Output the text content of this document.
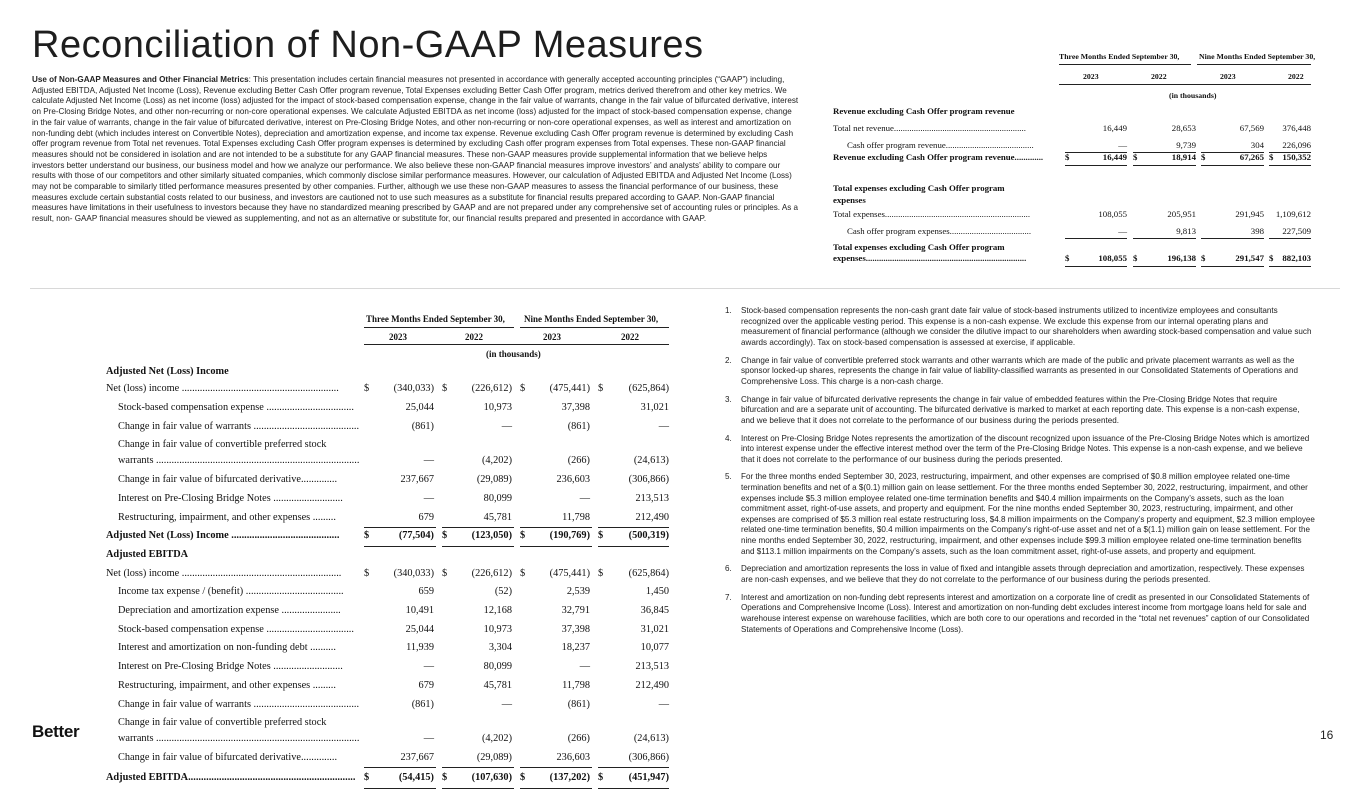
Reconciliation of Non-GAAP Measures
Use of Non-GAAP Measures and Other Financial Metrics: This presentation includes certain financial measures not presented in accordance with generally accepted accounting principles (“GAAP”) including, Adjusted EBITDA, Adjusted Net Income (Loss), Revenue excluding Better Cash Offer program revenue, Total Expenses excluding Better Cash Offer program, metrics derived therefrom and other key metrics. We calculate Adjusted Net Income (Loss) as net income (loss) adjusted for the impact of stock-based compensation expense, change in the fair value of warrants, change in the fair value of bifurcated derivative, interest on Pre-Closing Bridge Notes, and other non-recurring or non-core operational expenses. We calculate Adjusted EBITDA as net income (loss) adjusted for the impact of stock-based compensation expense, change in the fair value of warrants, change in the fair value of bifurcated derivative, interest on Pre-Closing Bridge Notes, and other non-recurring or non-core operational expenses, as well as interest and amortization on non-funding debt (which includes interest on Convertible Notes), depreciation and amortization expense, and income tax expense. Revenue excluding Cash Offer program revenue is determined by excluding Cash offer program revenue from Total net revenues. Total Expenses excluding Cash Offer program expenses is determined by excluding Cash offer program expenses from Total expenses. These non-GAAP financial measures should not be considered in isolation and are not intended to be a substitute for any GAAP financial measures. These non-GAAP measures provide supplemental information that we believe helps investors better understand our business, our business model and how we analyze our performance. We also believe these non-GAAP financial measures improve investors’ and analysts’ ability to compare our results with those of our competitors and other similarly situated companies, which commonly disclose similar performance measures. However, our calculation of Adjusted EBITDA and Adjusted Net Income (Loss) may not be comparable to similarly titled performance measures presented by other companies. Further, although we use these non-GAAP measures to assess the financial performance of our business, these measures exclude certain substantial costs related to our business, and investors are cautioned not to use such measures as a substitute for financial results prepared according to GAAP. Non-GAAP financial measures have limitations in their usefulness to investors because they have no standardized meaning prescribed by GAAP and are not prepared under any comprehensive set of accounting rules or principles. As a result, non- GAAP financial measures should be viewed as supplementing, and not as an alternative or substitute for, our financial results prepared and presented in accordance with GAAP.
Three Months Ended September 30,	Nine Months Ended September 30,
2023	2022	2023	2022
(in thousands)
Revenue excluding Cash Offer program revenue
Total net revenue............................................................	16,449	28,653	67,569 376,448
Cash offer program revenue........................................	—	9,739	304 226,096
Revenue excluding Cash Offer program revenue.............	$	16,449 $	18,914 $	67,265 $ 150,352
Total expenses excluding Cash Offer program
expenses
Total expenses..................................................................	108,055	205,951	291,945 1,109,612
Cash offer program expenses.....................................	—	9,813	398 227,509
Total expenses excluding Cash Offer program
expenses.........................................................................	$	108,055 $	196,138 $	291,547 $ 882,103
Three Months Ended September 30, Nine Months Ended September 30,
2023	2022	2023	2022
(in thousands)
Adjusted Net (Loss) Income
Net (loss) income .............................................................	$ (340,033) $ (226,612) $ (475,441) $ (625,864)
Stock-based compensation expense ..................................	25,044	10,973	37,398	31,021
Change in fair value of warrants .........................................	(861)	—	(861)	—
Change in fair value of convertible preferred stock
warrants ...............................................................................	—	(4,202)	(266)	(24,613)
Change in fair value of bifurcated derivative..............	237,667	(29,089)	236,603	(306,866)
Interest on Pre-Closing Bridge Notes ...........................	—	80,099	—	213,513
Restructuring, impairment, and other expenses .........	679	45,781	11,798	212,490
Adjusted Net (Loss) Income ..........................................	$	(77,504) $ (123,050) $ (190,769) $ (500,319)
Adjusted EBITDA
Net (loss) income ..............................................................	$ (340,033) $ (226,612) $ (475,441) $ (625,864)
Income tax expense / (benefit) ......................................	659	(52)	2,539	1,450
Depreciation and amortization expense .......................	10,491	12,168	32,791	36,845
Stock-based compensation expense ..................................	25,044	10,973	37,398	31,021
Interest and amortization on non-funding debt ..........	11,939	3,304	18,237	10,077
Interest on Pre-Closing Bridge Notes ...........................	—	80,099	—	213,513
Restructuring, impairment, and other expenses .........	679	45,781	11,798	212,490
Change in fair value of warrants .........................................	(861)	—	(861)	—
Change in fair value of convertible preferred stock
warrants ...............................................................................	—	(4,202)	(266)	(24,613)
Change in fair value of bifurcated derivative..............	237,667	(29,089)	236,603	(306,866)
Adjusted EBITDA................................................................. $	(54,415) $ (107,630) $ (137,202) $ (451,947)
1. Stock-based compensation represents the non-cash grant date fair value of stock-based instruments utilized to incentivize employees and consultants recognized over the applicable vesting period. This expense is a non-cash expense. We exclude this expense from our internal operating plans and measurement of financial performance (although we consider the dilutive impact to our shareholders when awarding stock-based compensation and value such awards accordingly). Tax on stock-based compensation is assessed at exercise, if applicable.
2. Change in fair value of convertible preferred stock warrants and other warrants which are made of the public and private placement warrants as well as the sponsor locked-up shares, represents the change in fair value of liability-classified warrants as presented in our Consolidated Statements of Operations and Comprehensive Loss. This charge is a non-cash charge.
3. Change in fair value of bifurcated derivative represents the change in fair value of embedded features within the Pre-Closing Bridge Notes that require bifurcation and are a separate unit of accounting. The bifurcated derivative is marked to market at each reporting date. This expense is a non-cash expense, and we believe that it does not correlate to the performance of our business during the periods presented.
4. Interest on Pre-Closing Bridge Notes represents the amortization of the discount recognized upon issuance of the Pre-Closing Bridge Notes which is amortized into interest expense under the effective interest method over the term of the Pre-Closing Bridge Notes. This expense is a non-cash expense, and we believe that it does not correlate to the performance of our business during the periods presented.
5. For the three months ended September 30, 2023, restructuring, impairment, and other expenses are comprised of $0.8 million employee related one-time termination benefits and net of a $(0.1) million gain on lease settlement. For the three months ended September 30, 2022, restructuring, impairment, and other expenses include $5.3 million employee related one-time termination benefits and $40.4 million impairments on the Company’s assets, such as the loan commitment asset, right-of-use assets, and property and equipment. For the nine months ended September 30, 2023, restructuring, impairment, and other expenses are comprised of $5.3 million real estate restructuring loss, $4.8 million impairments on the Company’s property and equipment, $2.3 million employee related one-time termination benefits, $0.4 million impairments on the Company’s right-of-use asset and net of a $(1.1) million gain on lease settlement. For the nine months ended September 30, 2022, restructuring, impairment, and other expenses include $99.3 million employee related one-time termination benefits and $113.1 million impairments on the Company’s assets, such as the loan commitment asset, right-of-use assets, and property and equipment.
6. Depreciation and amortization represents the loss in value of fixed and intangible assets through depreciation and amortization, respectively. These expenses are non-cash expenses, and we believe that they do not correlate to the performance of our business during the periods presented.
7. Interest and amortization on non-funding debt represents interest and amortization on a corporate line of credit as presented in our Consolidated Statements of Operations and Comprehensive Income (Loss). Interest and amortization on non-funding debt excludes interest income from mortgage loans held for sale and warehouse interest expense on warehouse facilities, which are both core to our operations and recorded in the “total net revenues” caption of our Consolidated Statements of Operations and Comprehensive Income (Loss).
Better	16
